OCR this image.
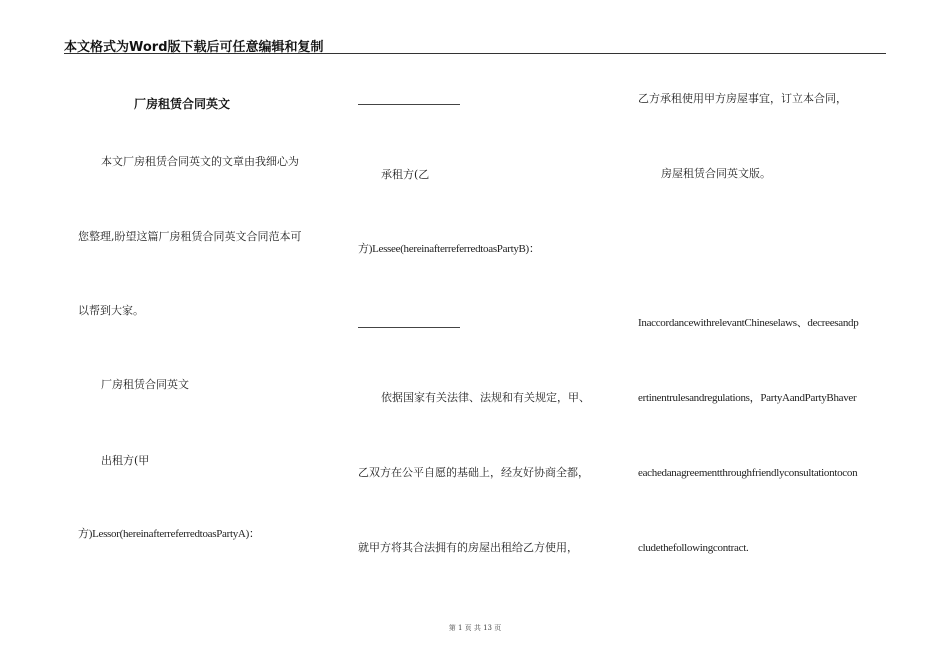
本文格式为Word版下载后可任意编辑和复制
厂房租赁合同英文
本文厂房租赁合同英文的文章由我细心为
您整理,盼望这篇厂房租赁合同英文合同范本可
以帮到大家。
厂房租赁合同英文
出租方(甲
方)Lessor(hereinafterreferredtoasPartyA)：
承租方(乙
方)Lessee(hereinafterreferredtoasPartyB)：
依据国家有关法律、法规和有关规定，甲、
乙双方在公平自愿的基础上，经友好协商全都，
就甲方将其合法拥有的房屋出租给乙方使用，
乙方承租使用甲方房屋事宜，订立本合同，
房屋租赁合同英文版。
InaccordancewithrelevantChineselaws、decreesandp
ertinentrulesandregulations，PartyAandPartyBhaver
eachedanagreementthroughfriendlyconsultationtocon
cludethefollowingcontract.
第 1 页 共 13 页
